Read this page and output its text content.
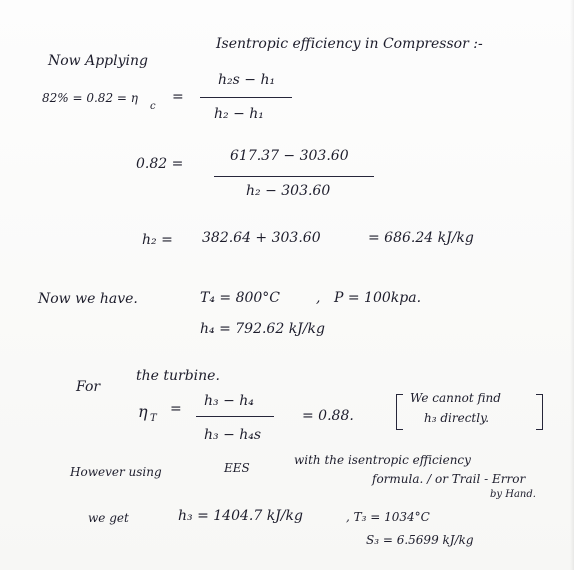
Now Applying
Isentropic efficiency in Compressor :-
82% = 0.82 = η
c
=
h₂s − h₁
h₂ − h₁
0.82 =	617.37 − 303.60
h₂ − 303.60
h₂ = 382.64 + 303.60	= 686.24 kJ/kg
Now we have.	T₄ = 800°C	, P = 100kpa.
h₄ = 792.62 kJ/kg
For
the turbine.
η T
= h₃ − h₄
h₃ − h₄s
= 0.88.
We cannot find
h₃ directly.
However using	EES
with the isentropic efficiency
formula. / or Trail - Error
by Hand.
we get	h₃ = 1404.7 kJ/kg	, T₃ = 1034°C
S₃ = 6.5699 kJ/kg
